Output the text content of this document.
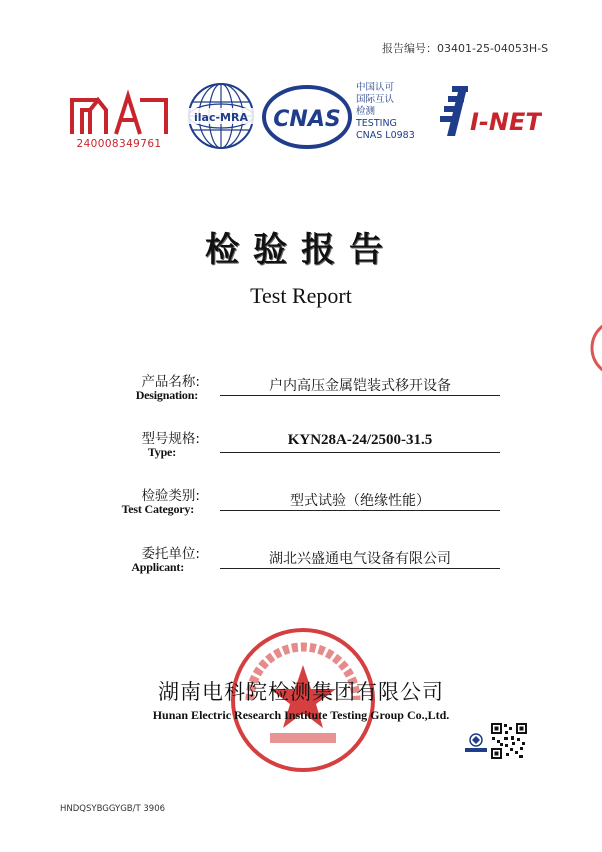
报告编号：03401-25-04053H-S
240008349761
ilac-MRA CNAS
中国认可
国际互认
检测
TESTING
CNAS L0983	I-NET
检验报告
Test Report
产品名称:
Designation:
户内高压金属铠装式移开设备
型号规格:
Type:
KYN28A-24/2500-31.5
检验类别:
Test Category:	型式试验（绝缘性能）
委托单位:
Applicant:	湖北兴盛通电气设备有限公司
湖南电科院检测集团有限公司
Hunan Electric Research Institute Testing Group Co.,Ltd.
HNDQSYBGGYGB/T 3906
